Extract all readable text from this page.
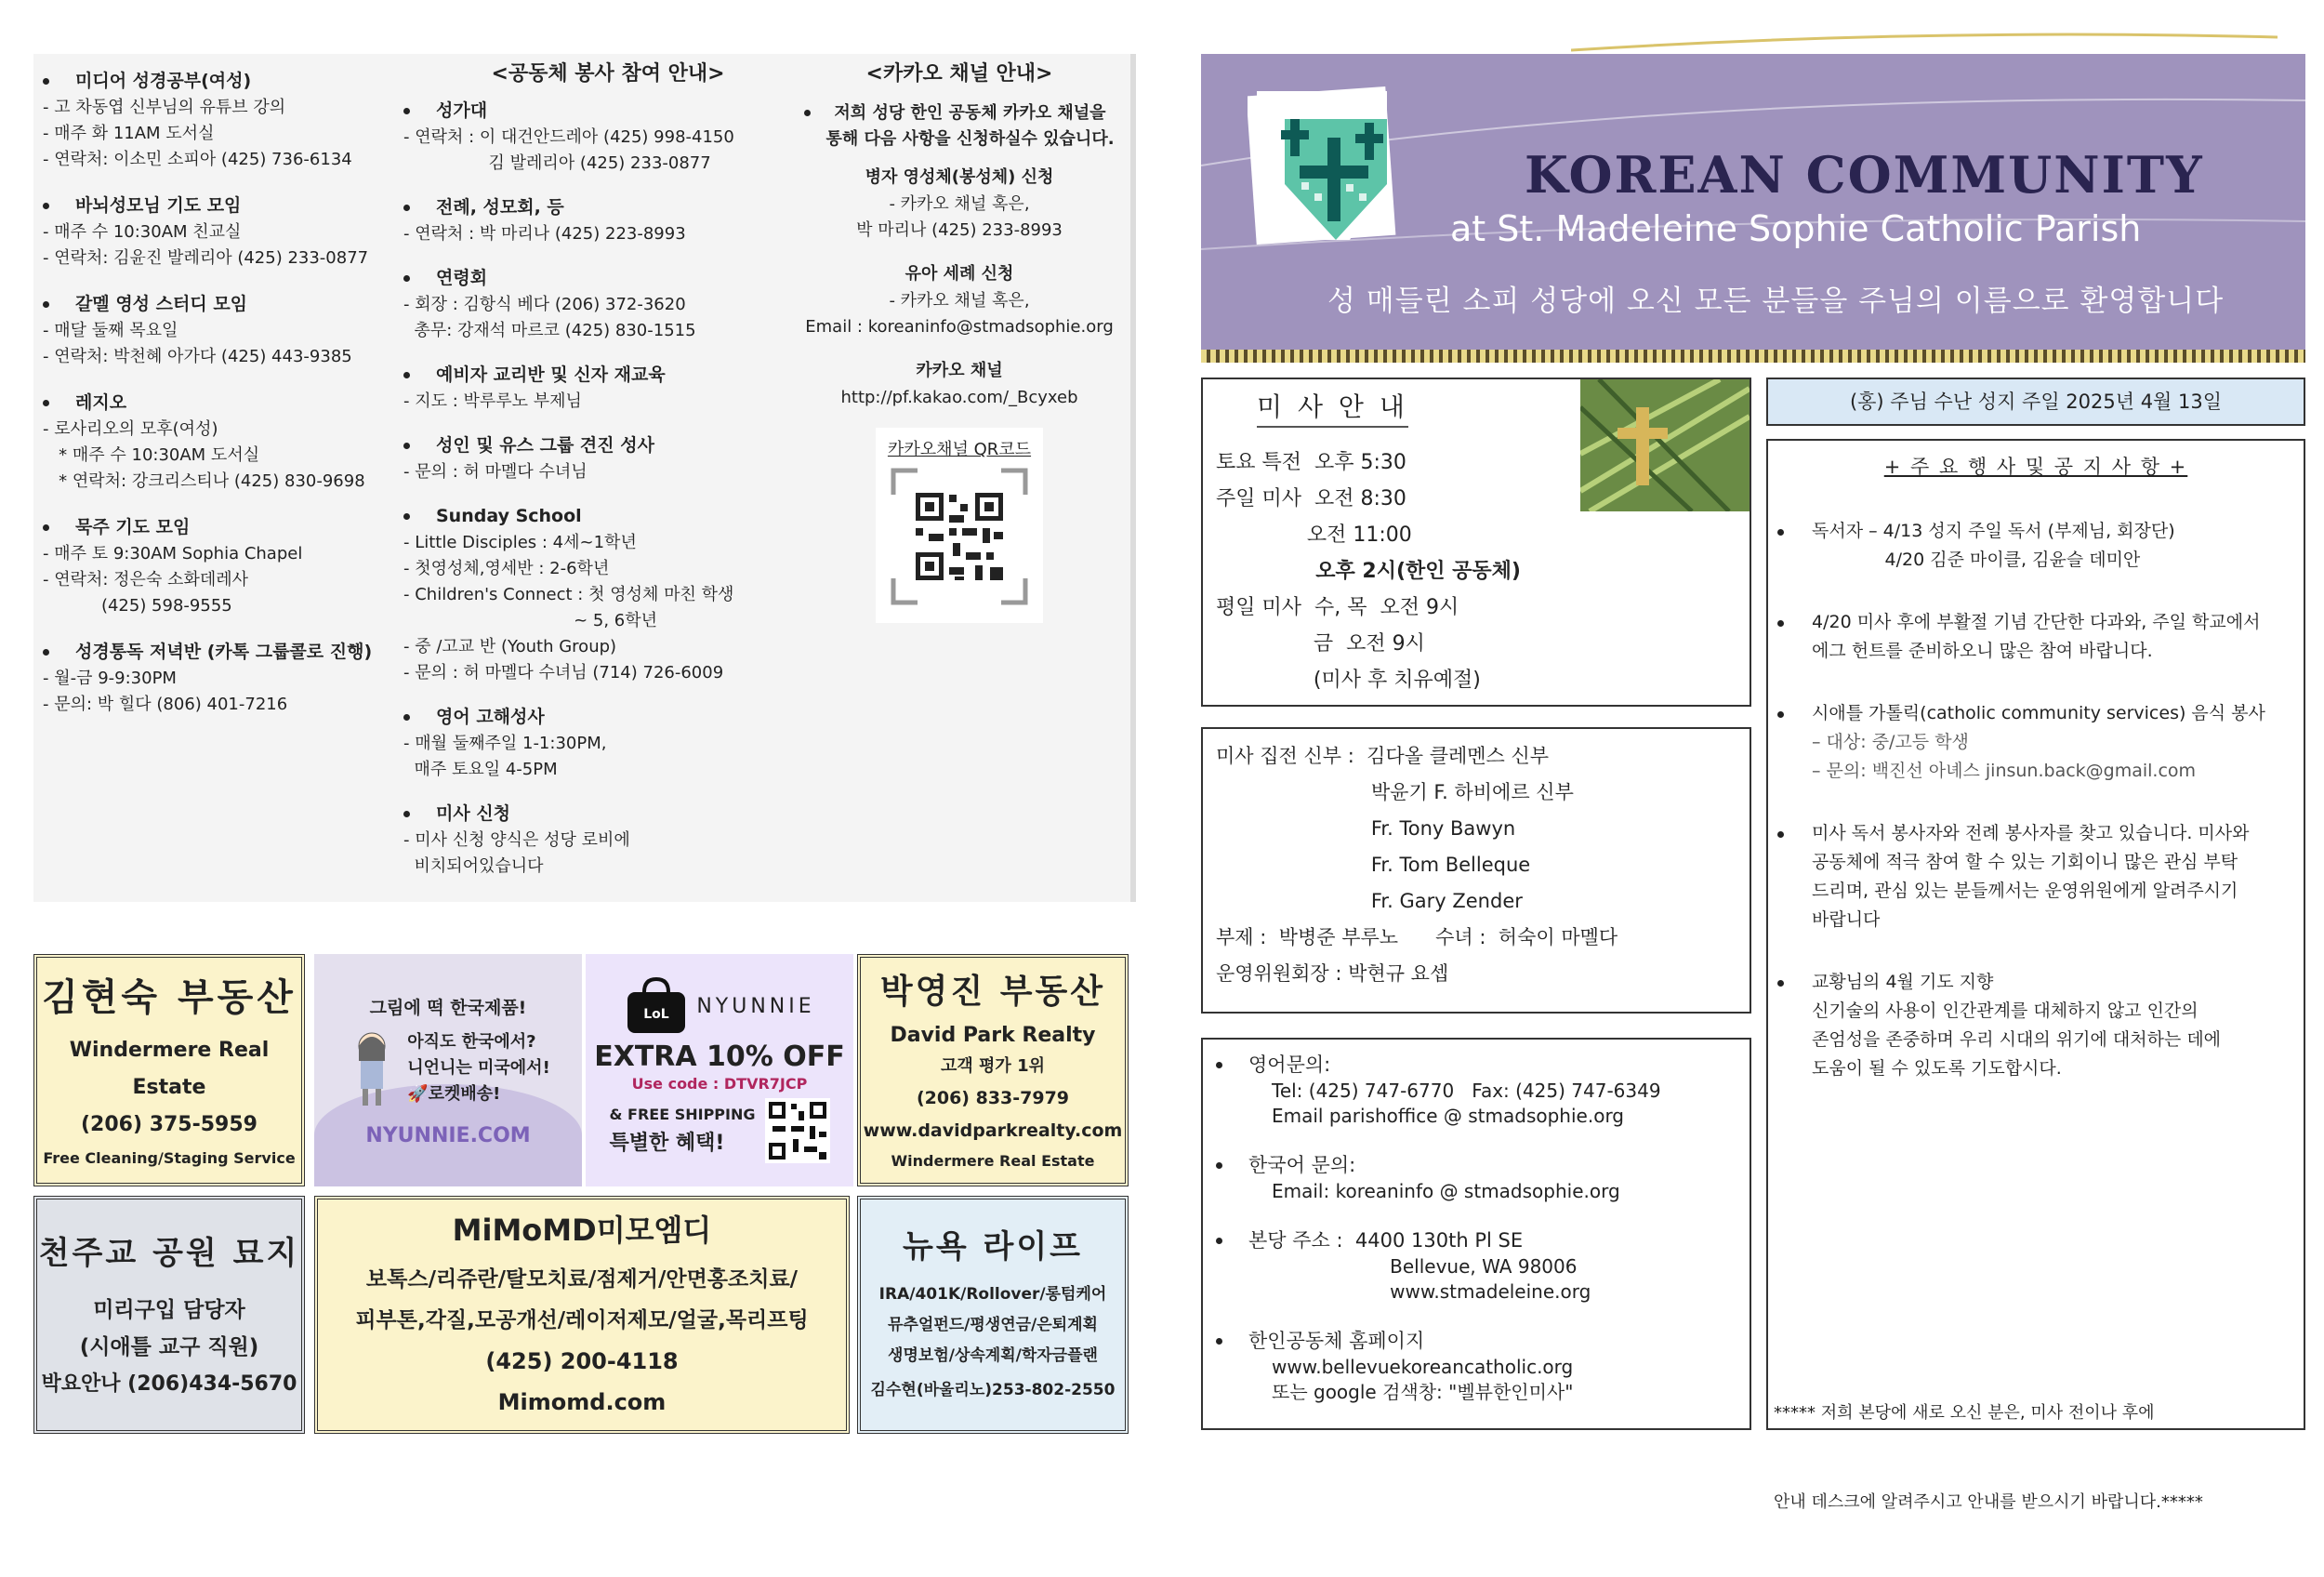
미디어 성경공부(여성)
- 고 차동엽 신부님의 유튜브 강의
- 매주 화 11AM 도서실
- 연락처: 이소민 소피아 (425) 736-6134
바뇌성모님 기도 모임
- 매주 수 10:30AM 친교실
- 연락처: 김윤진 발레리아 (425) 233-0877
갈멜 영성 스터디 모임
- 매달 둘째 목요일
- 연락처: 박천혜 아가다 (425) 443-9385
레지오
- 로사리오의 모후(여성)
* 매주 수 10:30AM 도서실
* 연락처: 강크리스티나 (425) 830-9698
묵주 기도 모임
- 매주 토 9:30AM Sophia Chapel
- 연락처: 정은숙 소화데레사
(425) 598-9555
성경통독 저녁반 (카톡 그룹콜로 진행)
- 월-금 9-9:30PM
- 문의: 박 힐다 (806) 401-7216
<공동체 봉사 참여 안내>
성가대
- 연락처 : 이 대건안드레아 (425) 998-4150
김 발레리아 (425) 233-0877
전례, 성모회, 등
- 연락처 : 박 마리나 (425) 223-8993
연령회
- 회장 : 김항식 베다 (206) 372-3620
총무: 강재석 마르코 (425) 830-1515
예비자 교리반 및 신자 재교육
- 지도 : 박루루노 부제님
성인 및 유스 그룹 견진 성사
- 문의 : 허 마멜다 수녀님
Sunday School
- Little Disciples : 4세~1학년
- 첫영성체,영세반 : 2-6학년
- Children's Connect : 첫 영성체 마친 학생
~ 5, 6학년
- 중 /고교 반 (Youth Group)
- 문의 : 허 마멜다 수녀님 (714) 726-6009
영어 고해성사
- 매월 둘째주일 1-1:30PM,
매주 토요일 4-5PM
미사 신청
- 미사 신청 양식은 성당 로비에
비치되어있습니다
<카카오 채널 안내>
저희 성당 한인 공동체 카카오 채널을
통해 다음 사항을 신청하실수 있습니다.
병자 영성체(봉성체) 신청
- 카카오 채널 혹은,
박 마리나 (425) 233-8993
유아 세례 신청
- 카카오 채널 혹은,
Email : koreaninfo@stmadsophie.org
카카오 채널
http://pf.kakao.com/_Bcyxeb
카카오채널 QR코드
김현숙 부동산
Windermere Real Estate
(206) 375-5959
Free Cleaning/Staging Service
그림에 떡 한국제품!
아직도 한국에서?
니언니는 미국에서!
🚀로켓배송!
NYUNNIE.COM
LoL NYUNNIE
EXTRA 10% OFF
Use code : DTVR7JCP
& FREE SHIPPING
특별한 혜택!
박영진 부동산
David Park Realty
고객 평가 1위
(206) 833-7979
www.davidparkrealty.com
Windermere Real Estate
천주교 공원 묘지
미리구입 담당자
(시애틀 교구 직원)
박요안나 (206)434-5670
MiMoMD미모엠디
보톡스/리쥬란/탈모치료/점제거/안면홍조치료/
피부톤,각질,모공개선/레이저제모/얼굴,목리프팅
(425) 200-4118
Mimomd.com
뉴욕 라이프
IRA/401K/Rollover/롱텀케어
뮤추얼펀드/평생연금/은퇴계획
생명보험/상속계획/학자금플랜
김수현(바울리노)253-802-2550
KOREAN COMMUNITY
at St. Madeleine Sophie Catholic Parish
성 매들린 소피 성당에 오신 모든 분들을 주님의 이름으로 환영합니다
미 사 안 내
토요 특전  오후 5:30
주일 미사  오전 8:30
오전 11:00
오후 2시(한인 공동체)
평일 미사  수, 목  오전 9시
금  오전 9시
(미사 후 치유예절)
미사 집전 신부 :  김다올 클레멘스 신부
박윤기 F. 하비에르 신부
Fr. Tony Bawyn
Fr. Tom Belleque
Fr. Gary Zender
부제 :  박병준 부루노      수녀 :  허숙이 마멜다
운영위원회장 : 박현규 요셉
영어문의:
Tel: (425) 747-6770   Fax: (425) 747-6349
Email parishoffice @ stmadsophie.org
한국어 문의:
Email: koreaninfo @ stmadsophie.org
본당 주소 :  4400 130th Pl SE
Bellevue, WA 98006
www.stmadeleine.org
한인공동체 홈페이지
www.bellevuekoreancatholic.org
또는 google 검색창: "벨뷰한인미사"
(홍) 주님 수난 성지 주일 2025년 4월 13일
+ 주 요 행 사 및 공 지 사 항 +
독서자 – 4/13 성지 주일 독서 (부제님, 회장단)
4/20 김준 마이클, 김윤슬 데미안
4/20 미사 후에 부활절 기념 간단한 다과와, 주일 학교에서
에그 헌트를 준비하오니 많은 참여 바랍니다.
시애틀 가톨릭(catholic community services) 음식 봉사
– 대상: 중/고등 학생
– 문의: 백진선 아녜스 jinsun.back@gmail.com
미사 독서 봉사자와 전례 봉사자를 찾고 있습니다. 미사와
공동체에 적극 참여 할 수 있는 기회이니 많은 관심 부탁
드리며, 관심 있는 분들께서는 운영위원에게 알려주시기
바랍니다
교황님의 4월 기도 지향
신기술의 사용이 인간관계를 대체하지 않고 인간의
존엄성을 존중하며 우리 시대의 위기에 대처하는 데에
도움이 될 수 있도록 기도합시다.

***** 저희 본당에 새로 오신 분은, 미사 전이나 후에

안내 데스크에 알려주시고 안내를 받으시기 바랍니다.*****
